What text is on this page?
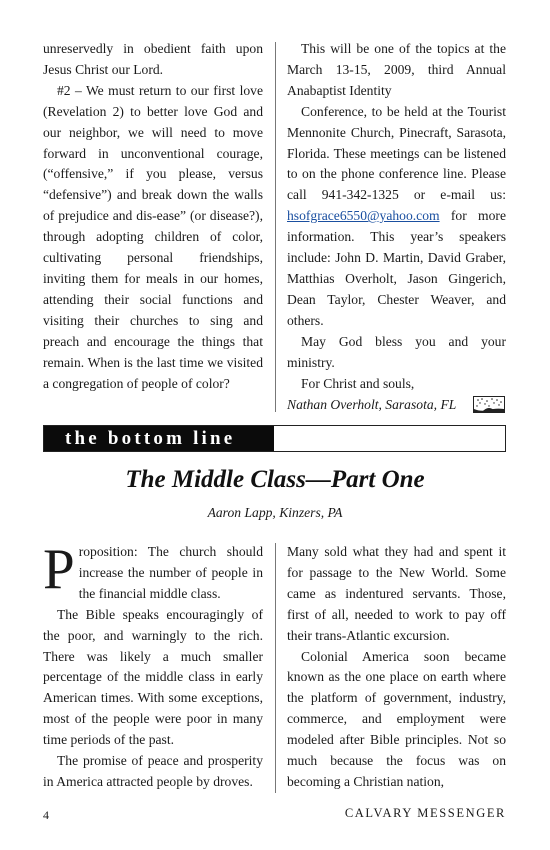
unreservedly in obedient faith upon Jesus Christ our Lord.

#2 – We must return to our first love (Revelation 2) to better love God and our neighbor, we will need to move forward in unconventional courage, (“offensive,” if you please, versus “defensive”) and break down the walls of prejudice and dis-ease” (or disease?), through adopting children of color, cultivating personal friendships, inviting them for meals in our homes, attending their social functions and visiting their churches to sing and preach and encourage the things that remain. When is the last time we visited a congregation of people of color?

This will be one of the topics at the March 13-15, 2009, third Annual Anabaptist Identity

Conference, to be held at the Tourist Mennonite Church, Pinecraft, Sarasota, Florida. These meetings can be listened to on the phone conference line. Please call 941-342-1325 or e-mail us: hsofgrace6550@yahoo.com for more information. This year’s speakers include: John D. Martin, David Graber, Matthias Overholt, Jason Gingerich, Dean Taylor, Chester Weaver, and others.

May God bless you and your ministry.

For Christ and souls,

Nathan Overholt, Sarasota, FL
the bottom line
The Middle Class—Part One
Aaron Lapp, Kinzers, PA

Proposition: The church should increase the number of people in the financial middle class.

The Bible speaks encouragingly of the poor, and warningly to the rich. There was likely a much smaller percentage of the middle class in early American times. With some exceptions, most of the people were poor in many time periods of the past.

The promise of peace and prosperity in America attracted people by droves.

Many sold what they had and spent it for passage to the New World. Some came as indentured servants. Those, first of all, needed to work to pay off their trans-Atlantic excursion.

Colonial America soon became known as the one place on earth where the platform of government, industry, commerce, and employment were modeled after Bible principles. Not so much because the focus was on becoming a Christian nation,

4	CALVARY MESSENGER
